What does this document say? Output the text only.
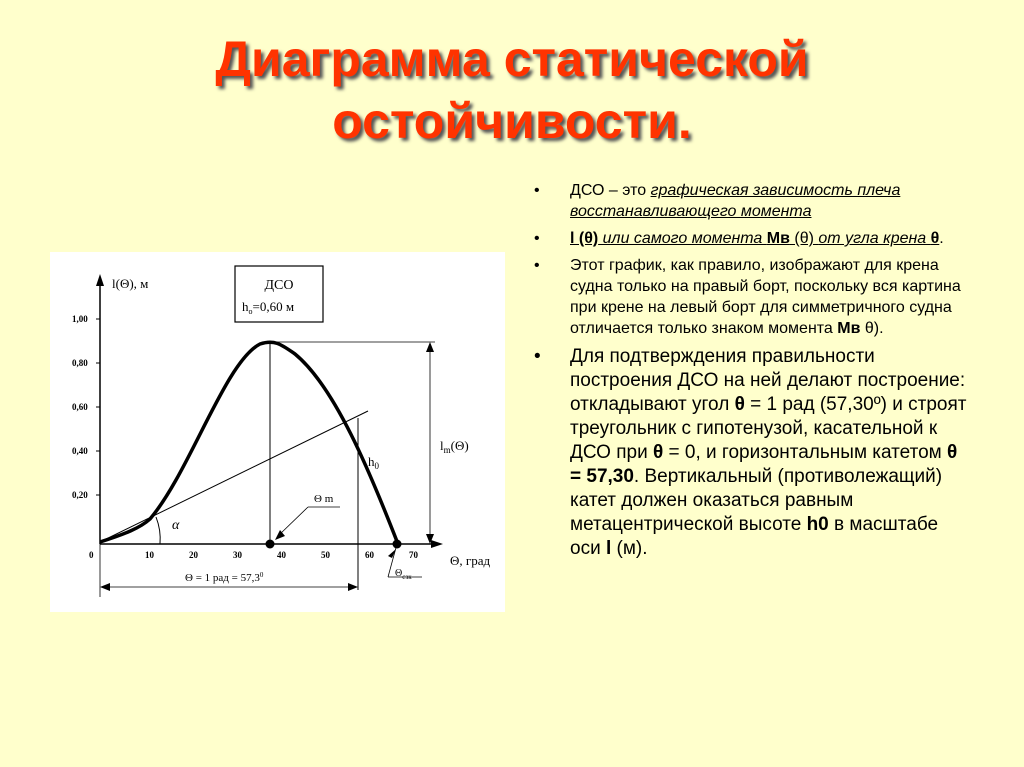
Диаграмма статической
остойчивости.
l(Θ), м
Θ, град
1,00
0,80
0,60
0,40
0,20
0	10	20	30	40	50	60	70
α
$h_0$
$l_m(\Theta)$
Θ m
$\Theta_{сзк}$
Θ = 1 рад = $57,3^0$
ДСО
$h_о=0,60$ м
• ДСО – это графическая зависимость плеча восстанавливающего момента
• l (θ) или самого момента Мв (θ) от угла крена θ.
• Этот график, как правило, изображают для крена судна только на правый борт, поскольку вся картина при крене на левый борт для симметричного судна отличается только знаком момента Мв θ).
• Для подтверждения правильности построения ДСО на ней делают построение: откладывают угол θ = 1 рад (57,30º) и строят треугольник с гипотенузой, касательной к ДСО при θ = 0, и горизонтальным катетом θ = 57,30. Вертикальный (противолежащий) катет должен оказаться равным метацентрической высоте h0 в масштабе оси l (м).
